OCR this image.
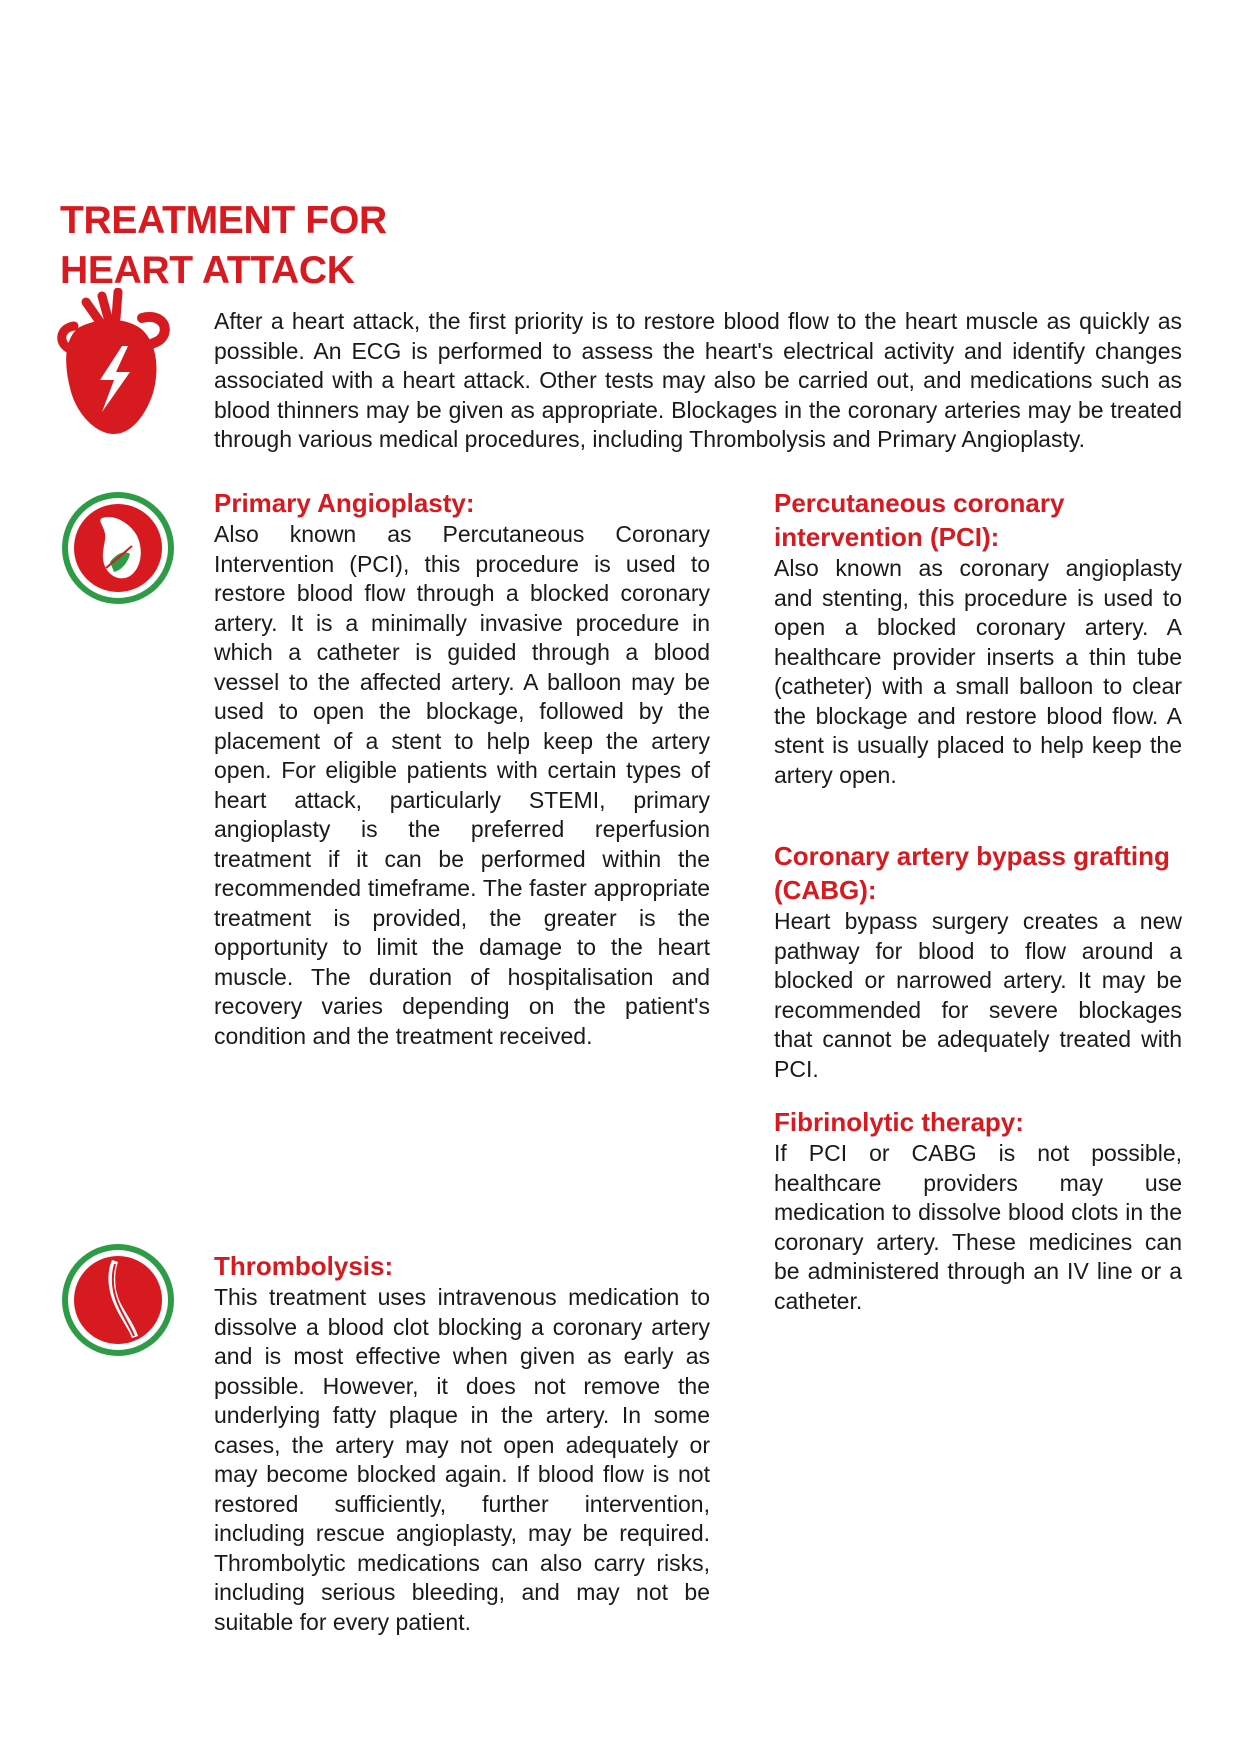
TREATMENT FOR
HEART ATTACK

After a heart attack, the first priority is to restore blood flow to the heart muscle as quickly as possible. An ECG is performed to assess the heart's electrical activity and identify changes associated with a heart attack. Other tests may also be carried out, and medications such as blood thinners may be given as appropriate. Blockages in the coronary arteries may be treated through various medical procedures, including Thrombolysis and Primary Angioplasty.

Primary Angioplasty:

Also known as Percutaneous Coronary Intervention (PCI), this procedure is used to restore blood flow through a blocked coronary artery. It is a minimally invasive procedure in which a catheter is guided through a blood vessel to the affected artery. A balloon may be used to open the blockage, followed by the placement of a stent to help keep the artery open. For eligible patients with certain types of heart attack, particularly STEMI, primary angioplasty is the preferred reperfusion treatment if it can be performed within the recommended timeframe. The faster appropriate treatment is provided, the greater is the opportunity to limit the damage to the heart muscle. The duration of hospitalisation and recovery varies depending on the patient's condition and the treatment received.

Thrombolysis:

This treatment uses intravenous medication to dissolve a blood clot blocking a coronary artery and is most effective when given as early as possible. However, it does not remove the underlying fatty plaque in the artery. In some cases, the artery may not open adequately or may become blocked again. If blood flow is not restored sufficiently, further intervention, including rescue angioplasty, may be required. Thrombolytic medications can also carry risks, including serious bleeding, and may not be suitable for every patient.

Percutaneous coronary intervention (PCI):

Also known as coronary angioplasty and stenting, this procedure is used to open a blocked coronary artery. A healthcare provider inserts a thin tube (catheter) with a small balloon to clear the blockage and restore blood flow. A stent is usually placed to help keep the artery open.

Coronary artery bypass grafting (CABG):

Heart bypass surgery creates a new pathway for blood to flow around a blocked or narrowed artery. It may be recommended for severe blockages that cannot be adequately treated with PCI.

Fibrinolytic therapy:

If PCI or CABG is not possible, healthcare providers may use medication to dissolve blood clots in the coronary artery. These medicines can be administered through an IV line or a catheter.
